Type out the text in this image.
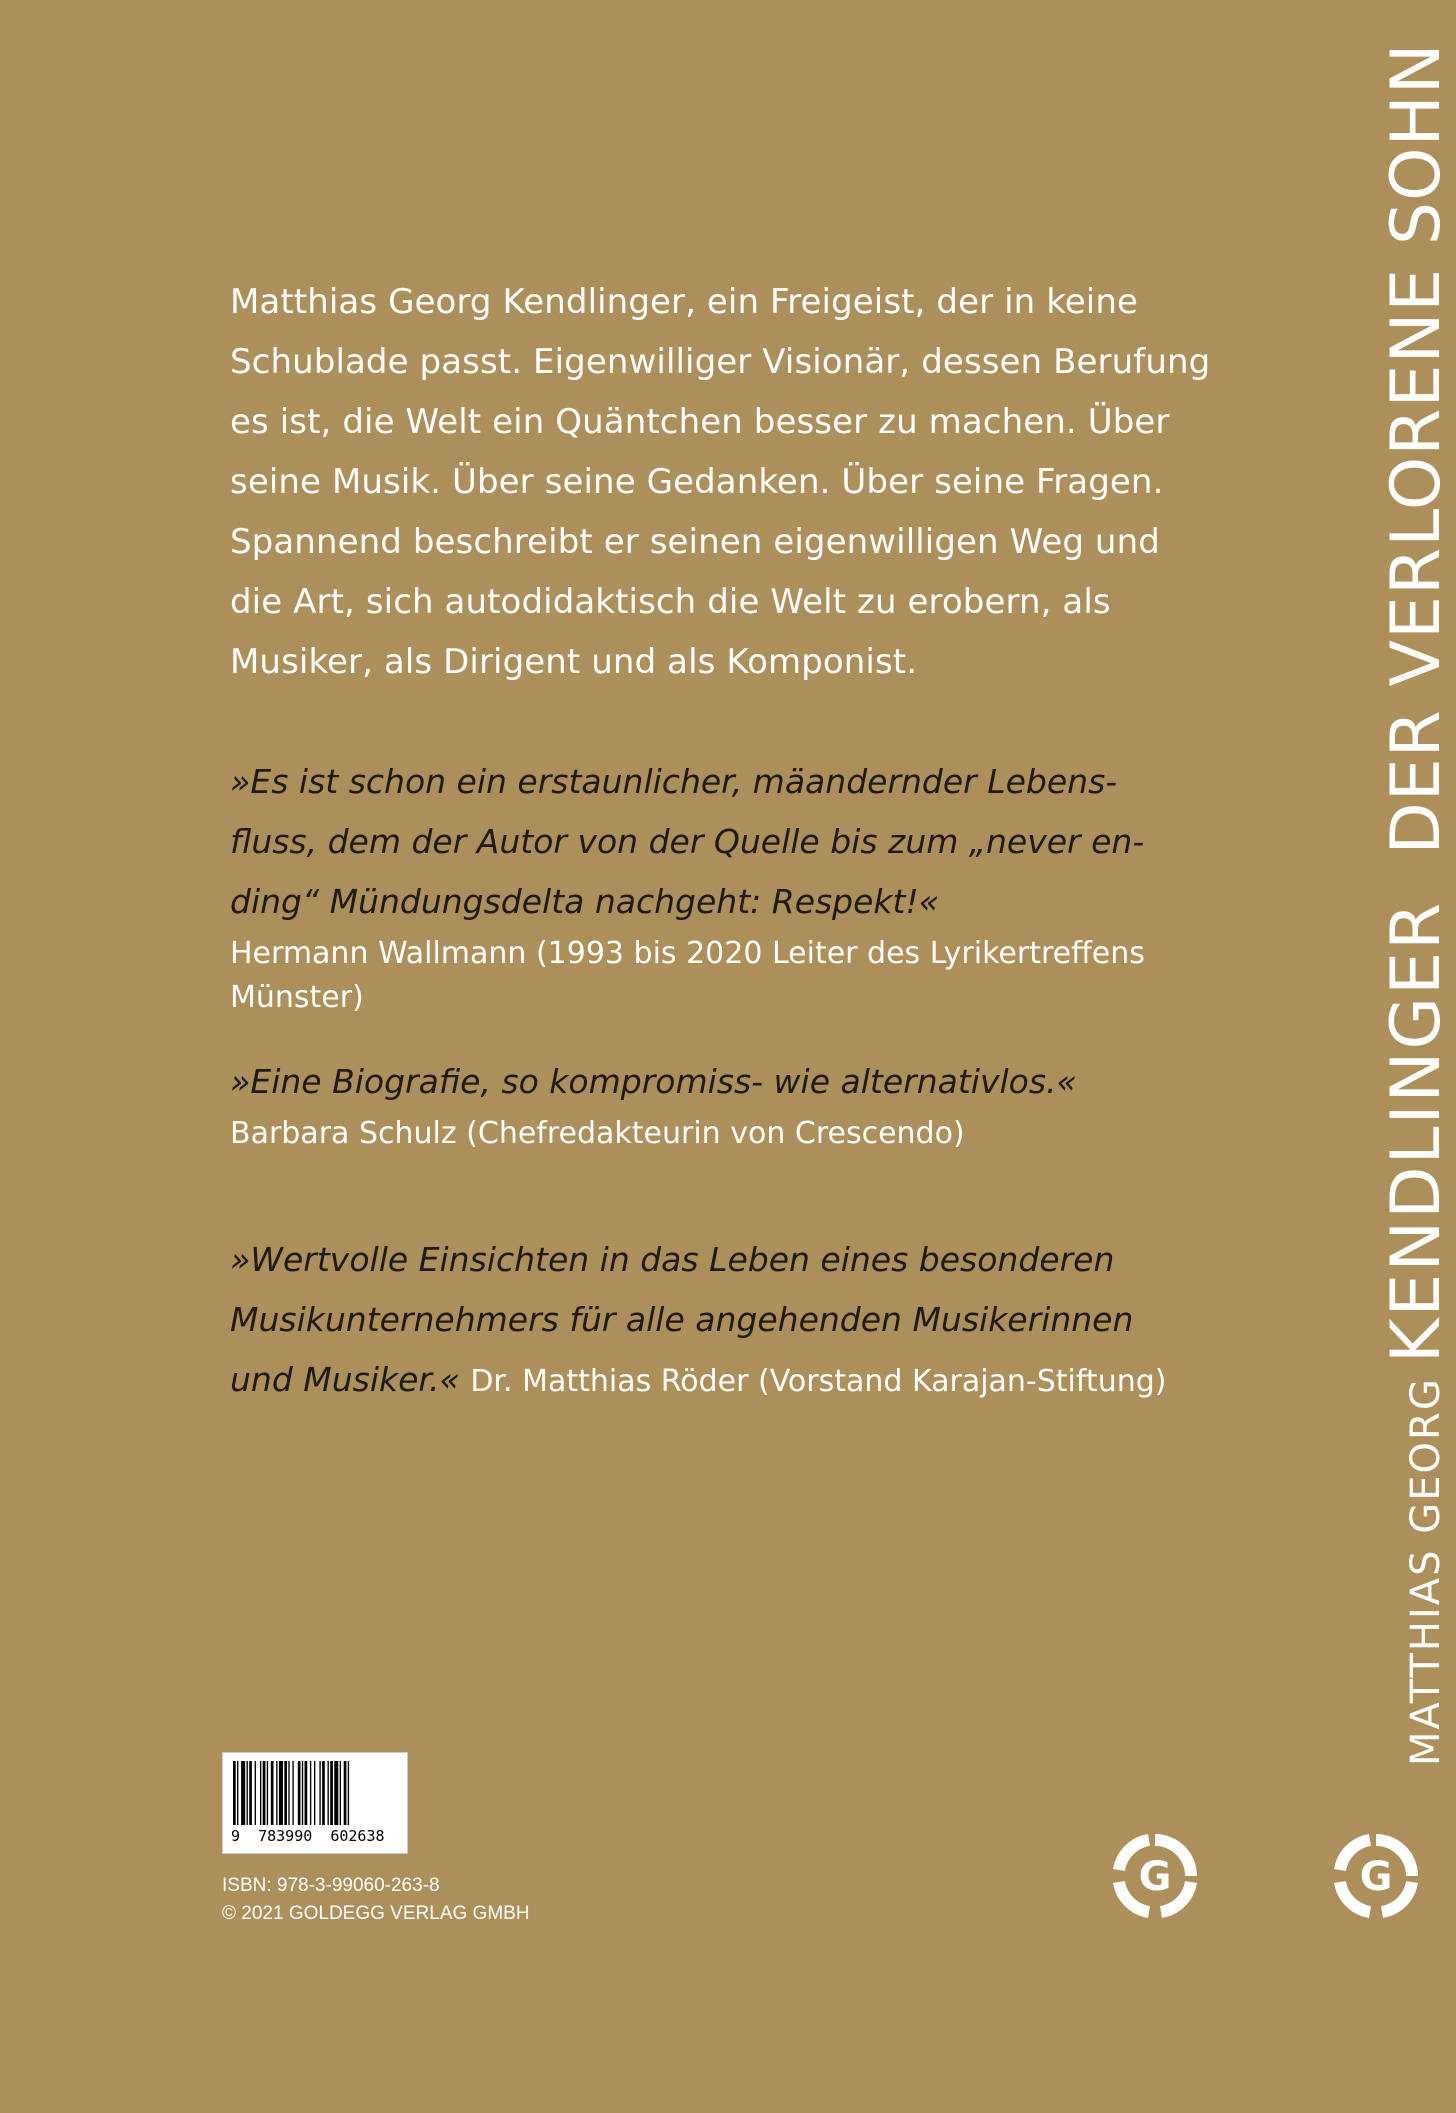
Matthias Georg Kendlinger, ein Freigeist, der in keine
Schublade passt. Eigenwilliger Visionär, dessen Berufung
es ist, die Welt ein Quäntchen besser zu machen. Über
seine Musik. Über seine Gedanken. Über seine Fragen.
Spannend beschreibt er seinen eigenwilligen Weg und
die Art, sich autodidaktisch die Welt zu erobern, als
Musiker, als Dirigent und als Komponist.
»Es ist schon ein erstaunlicher, mäandernder Lebens-
fluss, dem der Autor von der Quelle bis zum „never en-
ding“ Mündungsdelta nachgeht: Respekt!«
Hermann Wallmann (1993 bis 2020 Leiter des Lyrikertreffens Münster)
»Eine Biografie, so kompromiss- wie alternativlos.«
Barbara Schulz (Chefredakteurin von Crescendo)
»Wertvolle Einsichten in das Leben eines besonderen
Musikunternehmers für alle angehenden Musikerinnen
und Musiker.« Dr. Matthias Röder (Vorstand Karajan-Stiftung)
9  783990  602638
ISBN: 978-3-99060-263-8
© 2021 GOLDEGG VERLAG GMBH
G	G
MATTHIAS GEORG
KENDLINGER
DER VERLORENE SOHN
